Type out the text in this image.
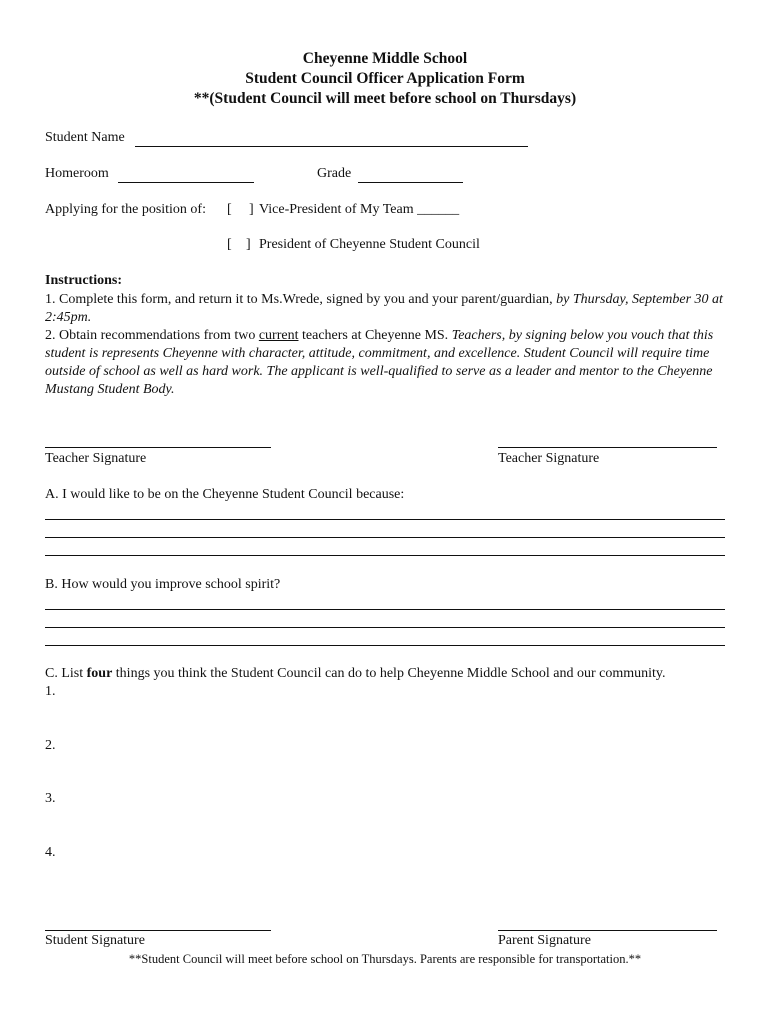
Cheyenne Middle School
Student Council Officer Application Form
**(Student Council will meet before school on Thursdays)
Student Name
Homeroom	Grade
Applying for the position of: [ ] Vice-President of My Team ______
[ ] President of Cheyenne Student Council
Instructions:
1. Complete this form, and return it to Ms.Wrede, signed by you and your parent/guardian, by Thursday, September 30 at 2:45pm.
2. Obtain recommendations from two current teachers at Cheyenne MS. Teachers, by signing below you vouch that this student is represents Cheyenne with character, attitude, commitment, and excellence. Student Council will require time outside of school as well as hard work. The applicant is well-qualified to serve as a leader and mentor to the Cheyenne Mustang Student Body.
Teacher Signature	Teacher Signature
A. I would like to be on the Cheyenne Student Council because:
B. How would you improve school spirit?
C. List four things you think the Student Council can do to help Cheyenne Middle School and our community.
1.
2.
3.
4.
Student Signature	Parent Signature
**Student Council will meet before school on Thursdays. Parents are responsible for transportation.**
